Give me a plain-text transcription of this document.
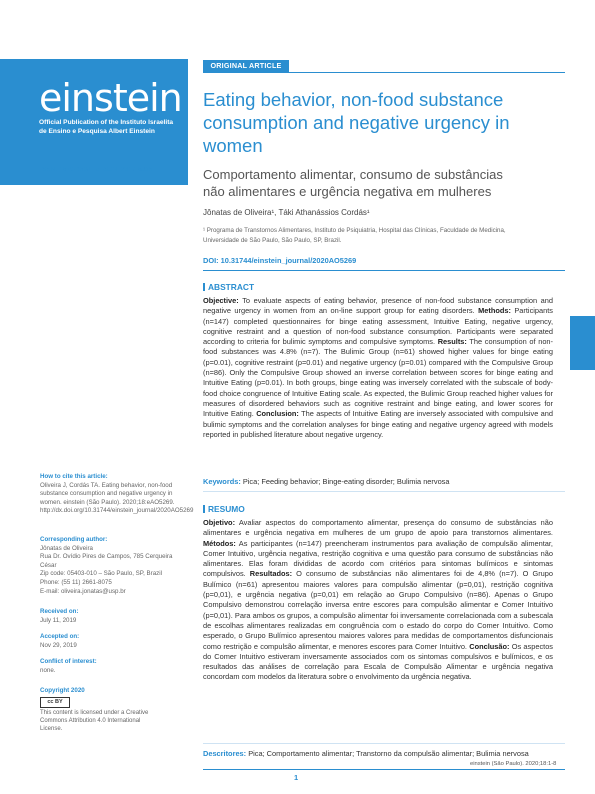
einstein
Official Publication of the Instituto Israelita de Ensino e Pesquisa Albert Einstein
ISSN: 1679-4508 | e-ISSN: 2317-6385
ORIGINAL ARTICLE
Eating behavior, non-food substance consumption and negative urgency in women
Comportamento alimentar, consumo de substâncias não alimentares e urgência negativa em mulheres
Jônatas de Oliveira¹, Táki Athanássios Cordás¹
¹ Programa de Transtornos Alimentares, Instituto de Psiquiatria, Hospital das Clínicas, Faculdade de Medicina, Universidade de São Paulo, São Paulo, SP, Brazil.
DOI: 10.31744/einstein_journal/2020AO5269
ABSTRACT
Objective: To evaluate aspects of eating behavior, presence of non-food substance consumption and negative urgency in women from an on-line support group for eating disorders. Methods: Participants (n=147) completed questionnaires for binge eating assessment, Intuitive Eating, negative urgency, cognitive restraint and a question of non-food substance consumption. Participants were separated according to criteria for bulimic symptoms and compulsive symptoms. Results: The consumption of non-food substances was 4.8% (n=7). The Bulimic Group (n=61) showed higher values for binge eating (p=0.01), cognitive restraint (p=0.01) and negative urgency (p=0.01) compared with the Compulsive Group (n=86). Only the Compulsive Group showed an inverse correlation between scores for binge eating and Intuitive Eating (p=0.01). In both groups, binge eating was inversely correlated with the subscale of body-food choice congruence of Intuitive Eating scale. As expected, the Bulimic Group reached higher values for measures of disordered behaviors such as cognitive restraint and binge eating, and lower scores for Intuitive Eating. Conclusion: The aspects of Intuitive Eating are inversely associated with compulsive and bulimic symptoms and the correlation analyses for binge eating and negative urgency agreed with models reported in published literature about negative urgency.
Keywords: Pica; Feeding behavior; Binge-eating disorder; Bulimia nervosa
RESUMO
Objetivo: Avaliar aspectos do comportamento alimentar, presença do consumo de substâncias não alimentares e urgência negativa em mulheres de um grupo de apoio para transtornos alimentares. Métodos: As participantes (n=147) preencheram instrumentos para avaliação de compulsão alimentar, Comer Intuitivo, urgência negativa, restrição cognitiva e uma questão para consumo de substâncias não alimentares. Elas foram divididas de acordo com critérios para sintomas bulímicos e sintomas compulsivos. Resultados: O consumo de substâncias não alimentares foi de 4,8% (n=7). O Grupo Bulímico (n=61) apresentou maiores valores para compulsão alimentar (p=0,01), restrição cognitiva (p=0,01), e urgência negativa (p=0,01) em relação ao Grupo Compulsivo (n=86). Apenas o Grupo Compulsivo demonstrou correlação inversa entre escores para compulsão alimentar e Comer Intuitivo (p=0,01). Para ambos os grupos, a compulsão alimentar foi inversamente correlacionada com a subescala de escolhas alimentares realizadas em congruência com o estado do corpo do Comer Intuitivo. Como esperado, o Grupo Bulímico apresentou maiores valores para medidas de comportamentos disfuncionais como restrição e compulsão alimentar, e menores escores para Comer Intuitivo. Conclusão: Os aspectos do Comer Intuitivo estiveram inversamente associados com os sintomas compulsivos e bulímicos, e os resultados das análises de correlação para Escala de Compulsão Alimentar e urgência negativa concordam com modelos da literatura sobre o envolvimento da urgência negativa.
Descritores: Pica; Comportamento alimentar; Transtorno da compulsão alimentar; Bulimia nervosa
How to cite this article:
Oliveira J, Cordás TA. Eating behavior, non-food substance consumption and negative urgency in women. einstein (São Paulo). 2020;18:eAO5269. http://dx.doi.org/10.31744/einstein_journal/2020AO5269
Corresponding author:
Jônatas de Oliveira
Rua Dr. Ovídio Pires de Campos, 785 Cerqueira César
Zip code: 05403-010 – São Paulo, SP, Brazil
Phone: (55 11) 2661-8075
E-mail: oliveira.jonatas@usp.br
Received on:
July 11, 2019
Accepted on:
Nov 29, 2019
Conflict of interest:
none.
Copyright 2020
cc BY
This content is licensed under a Creative Commons Attribution 4.0 International License.
einstein (São Paulo). 2020;18:1-8
1
